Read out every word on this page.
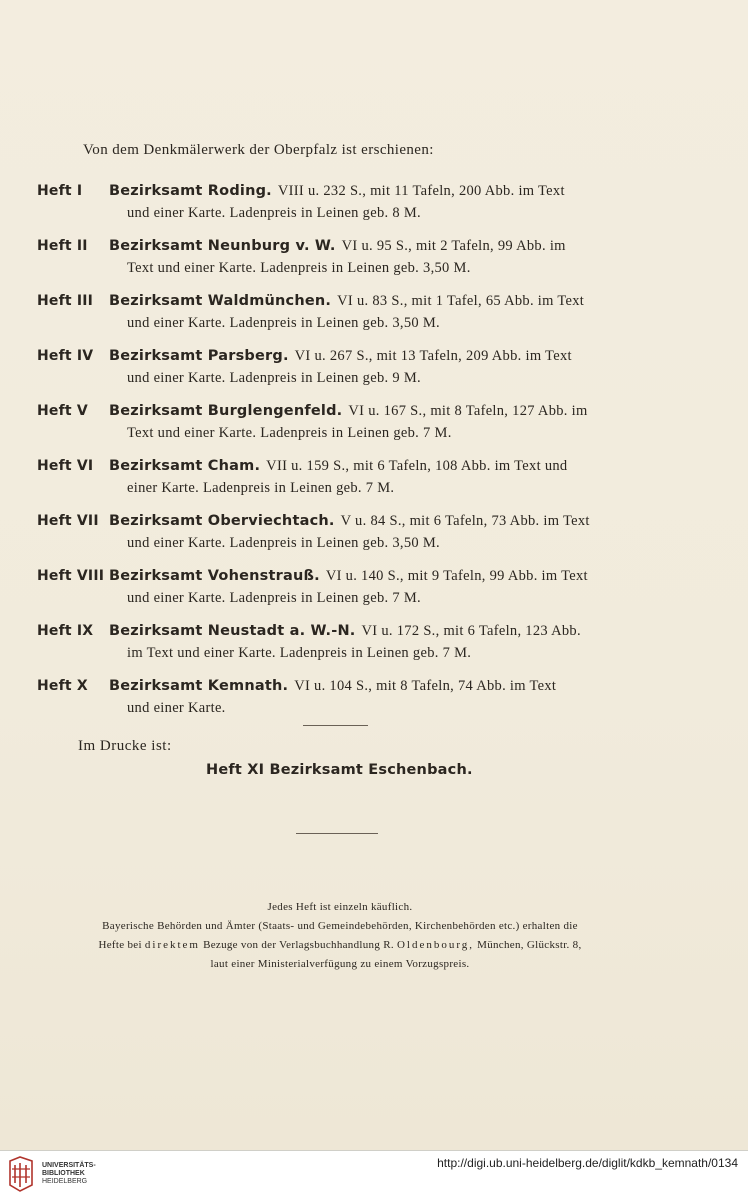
Von dem Denkmälerwerk der Oberpfalz ist erschienen:
Heft I Bezirksamt Roding. VIII u. 232 S., mit 11 Tafeln, 200 Abb. im Text
und einer Karte. Ladenpreis in Leinen geb. 8 M.
Heft II Bezirksamt Neunburg v. W. VI u. 95 S., mit 2 Tafeln, 99 Abb. im
Text und einer Karte. Ladenpreis in Leinen geb. 3,50 M.
Heft III Bezirksamt Waldmünchen. VI u. 83 S., mit 1 Tafel, 65 Abb. im Text
und einer Karte. Ladenpreis in Leinen geb. 3,50 M.
Heft IV Bezirksamt Parsberg. VI u. 267 S., mit 13 Tafeln, 209 Abb. im Text
und einer Karte. Ladenpreis in Leinen geb. 9 M.
Heft V Bezirksamt Burglengenfeld. VI u. 167 S., mit 8 Tafeln, 127 Abb. im
Text und einer Karte. Ladenpreis in Leinen geb. 7 M.
Heft VI Bezirksamt Cham. VII u. 159 S., mit 6 Tafeln, 108 Abb. im Text und
einer Karte. Ladenpreis in Leinen geb. 7 M.
Heft VII Bezirksamt Oberviechtach. V u. 84 S., mit 6 Tafeln, 73 Abb. im Text
und einer Karte. Ladenpreis in Leinen geb. 3,50 M.
Heft VIII Bezirksamt Vohenstrauß. VI u. 140 S., mit 9 Tafeln, 99 Abb. im Text
und einer Karte. Ladenpreis in Leinen geb. 7 M.
Heft IX Bezirksamt Neustadt a. W.-N. VI u. 172 S., mit 6 Tafeln, 123 Abb.
im Text und einer Karte. Ladenpreis in Leinen geb. 7 M.
Heft X Bezirksamt Kemnath. VI u. 104 S., mit 8 Tafeln, 74 Abb. im Text
und einer Karte.
Im Drucke ist:
Heft XI Bezirksamt Eschenbach.
Jedes Heft ist einzeln käuflich.
Bayerische Behörden und Ämter (Staats- und Gemeindebehörden, Kirchenbehörden etc.) erhalten die
Hefte bei direktem Bezuge von der Verlagsbuchhandlung R. Oldenbourg, München, Glückstr. 8,
laut einer Ministerialverfügung zu einem Vorzugspreis.
UNIVERSITÄTS-
BIBLIOTHEK
HEIDELBERG
http://digi.ub.uni-heidelberg.de/diglit/kdkb_kemnath/0134
